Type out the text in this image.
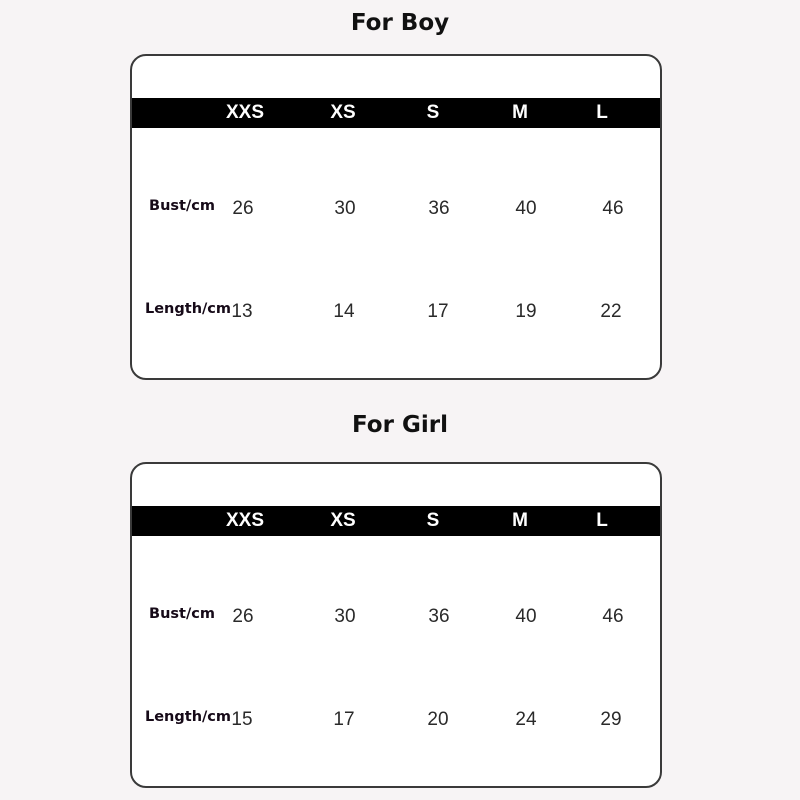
For Boy
XXS	XS	S	M	L
Bust/cm 26	30	36	40	46
Length/cm 13	14	17	19	22
For Girl
XXS	XS	S	M	L
Bust/cm 26	30	36	40	46
Length/cm 15	17	20	24	29
